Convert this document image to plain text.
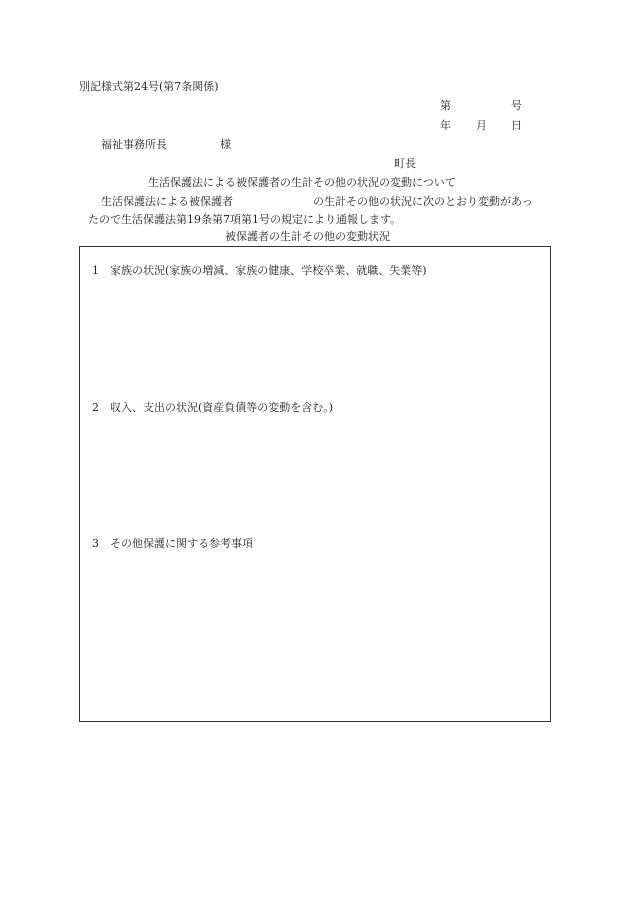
別記様式第24号(第7条関係)
第	号
年 月 日
福祉事務所長	様
町長
生活保護法による被保護者の生計その他の状況の変動について
生活保護法による被保護者	の生計その他の状況に次のとおり変動があっ
たので生活保護法第19条第7項第1号の規定により通報します。
被保護者の生計その他の変動状況
1 家族の状況(家族の増減、家族の健康、学校卒業、就職、失業等)
2 収入、支出の状況(資産負債等の変動を含む。)
3 その他保護に関する参考事項
